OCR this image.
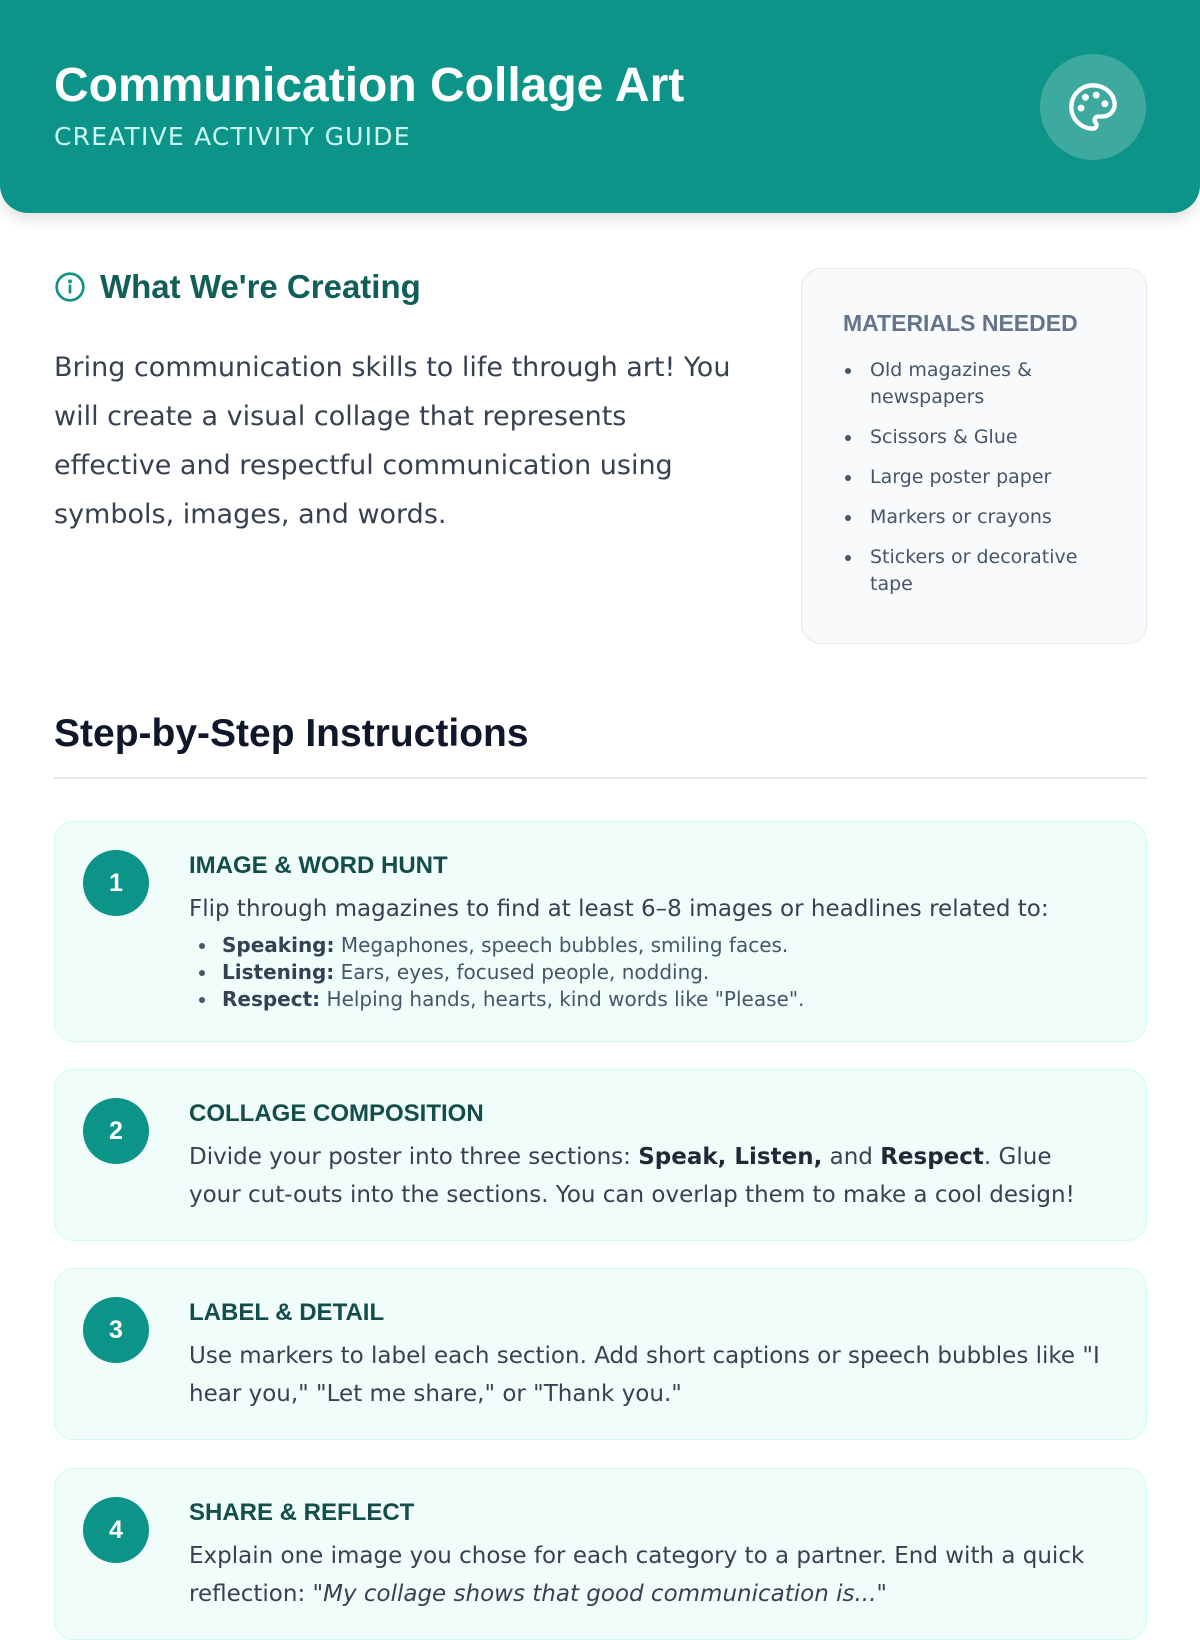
Communication Collage Art
CREATIVE ACTIVITY GUIDE
What We're Creating

Bring communication skills to life through art! You will create a visual collage that represents effective and respectful communication using symbols, images, and words.

MATERIALS NEEDED
Old magazines & newspapers
Scissors & Glue
Large poster paper
Markers or crayons
Stickers or decorative tape
Step-by-Step Instructions
1
IMAGE & WORD HUNT
Flip through magazines to find at least 6–8 images or headlines related to:
Speaking: Megaphones, speech bubbles, smiling faces.
Listening: Ears, eyes, focused people, nodding.
Respect: Helping hands, hearts, kind words like "Please".
2
COLLAGE COMPOSITION
Divide your poster into three sections: Speak, Listen, and Respect. Glue your cut-outs into the sections. You can overlap them to make a cool design!
3
LABEL & DETAIL
Use markers to label each section. Add short captions or speech bubbles like "I hear you," "Let me share," or "Thank you."
4
SHARE & REFLECT
Explain one image you chose for each category to a partner. End with a quick reflection: "My collage shows that good communication is..."
